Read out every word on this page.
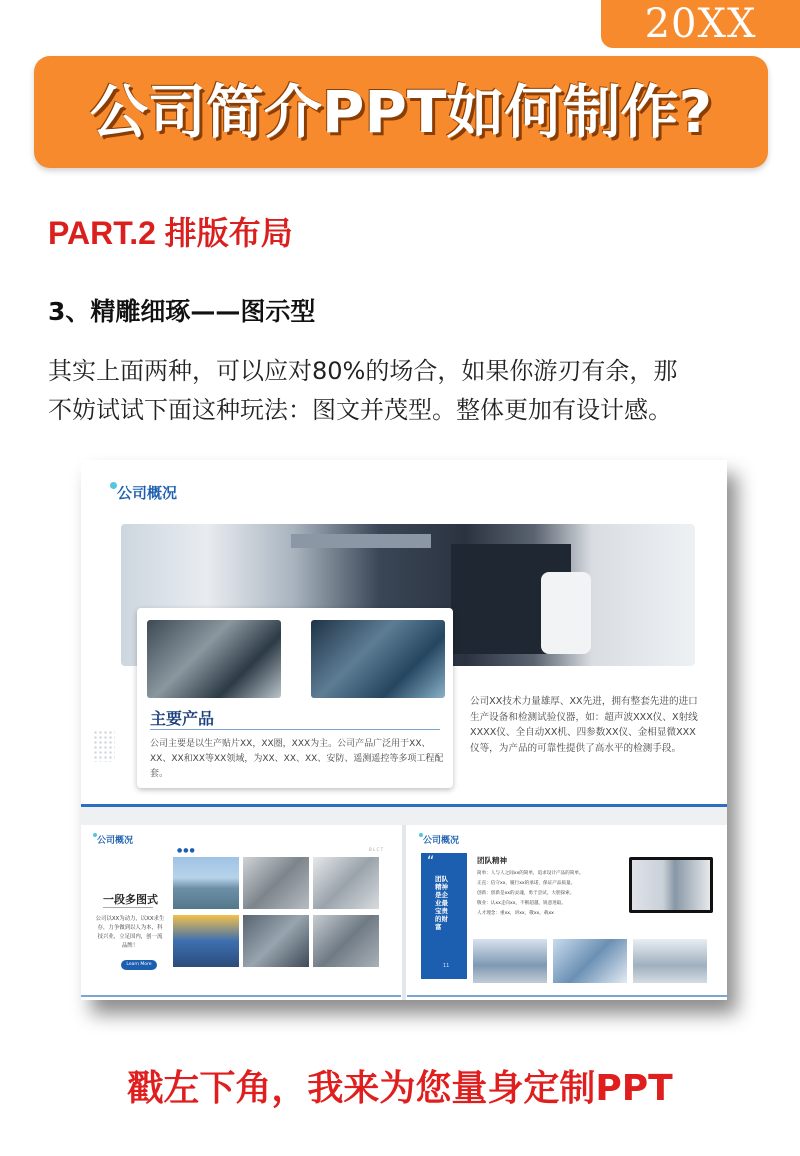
20XX
公司简介PPT如何制作?
PART.2 排版布局
3、精雕细琢——图示型
其实上面两种，可以应对80%的场合，如果你游刃有余，那
不妨试试下面这种玩法：图文并茂型。整体更加有设计感。
公司概况
主要产品
公司主要是以生产贴片XX，XX圈，XXX为主。公司产品广泛用于XX、XX、XX和XX等XX领域，为XX、XX、XX、安防、遥测遥控等多项工程配套。
公司XX技术力量雄厚、XX先进，拥有整套先进的进口生产设备和检测试验仪器，如：超声波XXX仪、X射线XXXX仪、全自动XX机、四参数XX仪、金相显微XXX仪等，为产品的可靠性提供了高水平的检测手段。
公司概况
●●●	B L C T
一段多图式
公司以XX为动力，以XX求生存，力争做到以人为本，科技兴业，立足国内，创一流品牌！
Learn More
公司概况
“
团队精神是企业最宝贵的财富
11
团队精神
简单：人与人之间xx的简单，追求设计产品的简单。
正直：信守xx，履行xx的承诺，保证产品质量。
创新：创新是xx的灵魂，勇于尝试，大胆探索。
敬业：认xx走向xx，不断超越，锐意进取。
人才理念：重xx，讲xx，敬xx，载xx
戳左下角，我来为您量身定制PPT
